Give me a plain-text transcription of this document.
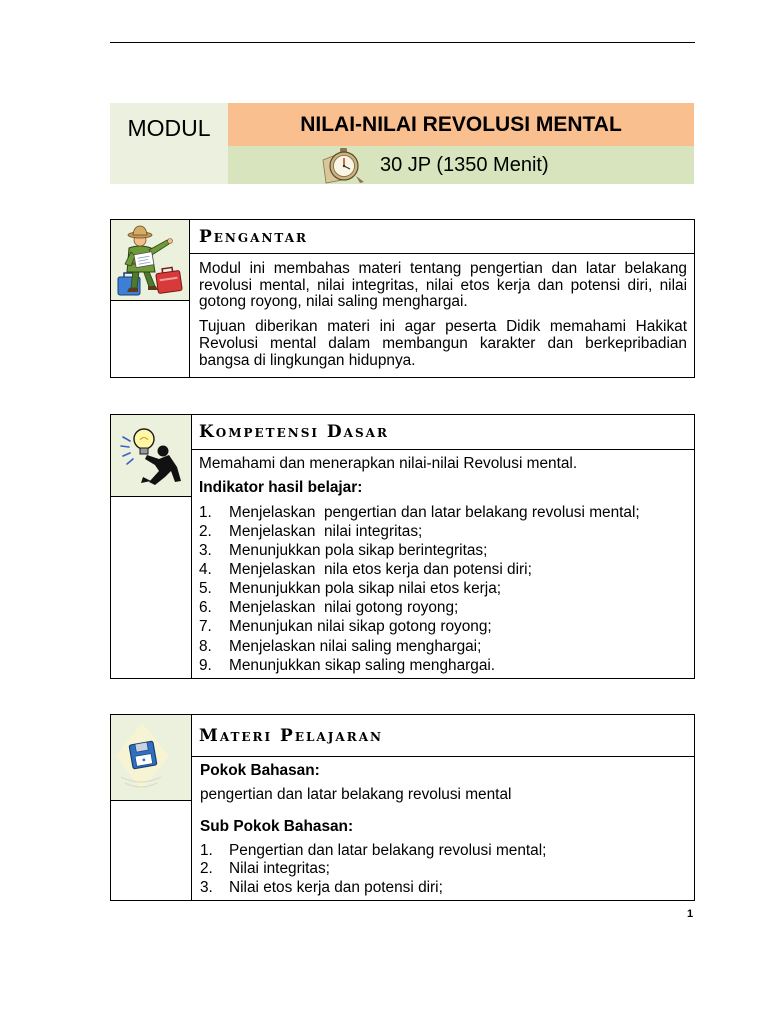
MODUL	NILAI-NILAI REVOLUSI MENTAL
30 JP (1350 Menit)
Pengantar

Modul ini membahas materi tentang pengertian dan latar belakang revolusi mental, nilai integritas, nilai etos kerja dan potensi diri, nilai gotong royong, nilai saling menghargai.

Tujuan diberikan materi ini agar peserta Didik memahami Hakikat Revolusi mental dalam membangun karakter dan berkepribadian bangsa di lingkungan hidupnya.

Kompetensi Dasar
Memahami dan menerapkan nilai-nilai Revolusi mental.
Indikator hasil belajar:
1.	Menjelaskan  pengertian dan latar belakang revolusi mental;
2.	Menjelaskan  nilai integritas;
3.	Menunjukkan pola sikap berintegritas;
4.	Menjelaskan  nila etos kerja dan potensi diri;
5.	Menunjukkan pola sikap nilai etos kerja;
6.	Menjelaskan  nilai gotong royong;
7.	Menunjukan nilai sikap gotong royong;
8.	Menjelaskan nilai saling menghargai;
9.	Menunjukkan sikap saling menghargai.
Materi Pelajaran
Pokok Bahasan:
pengertian dan latar belakang revolusi mental
Sub Pokok Bahasan:
1.	Pengertian dan latar belakang revolusi mental;
2.	Nilai integritas;
3.	Nilai etos kerja dan potensi diri;
1
